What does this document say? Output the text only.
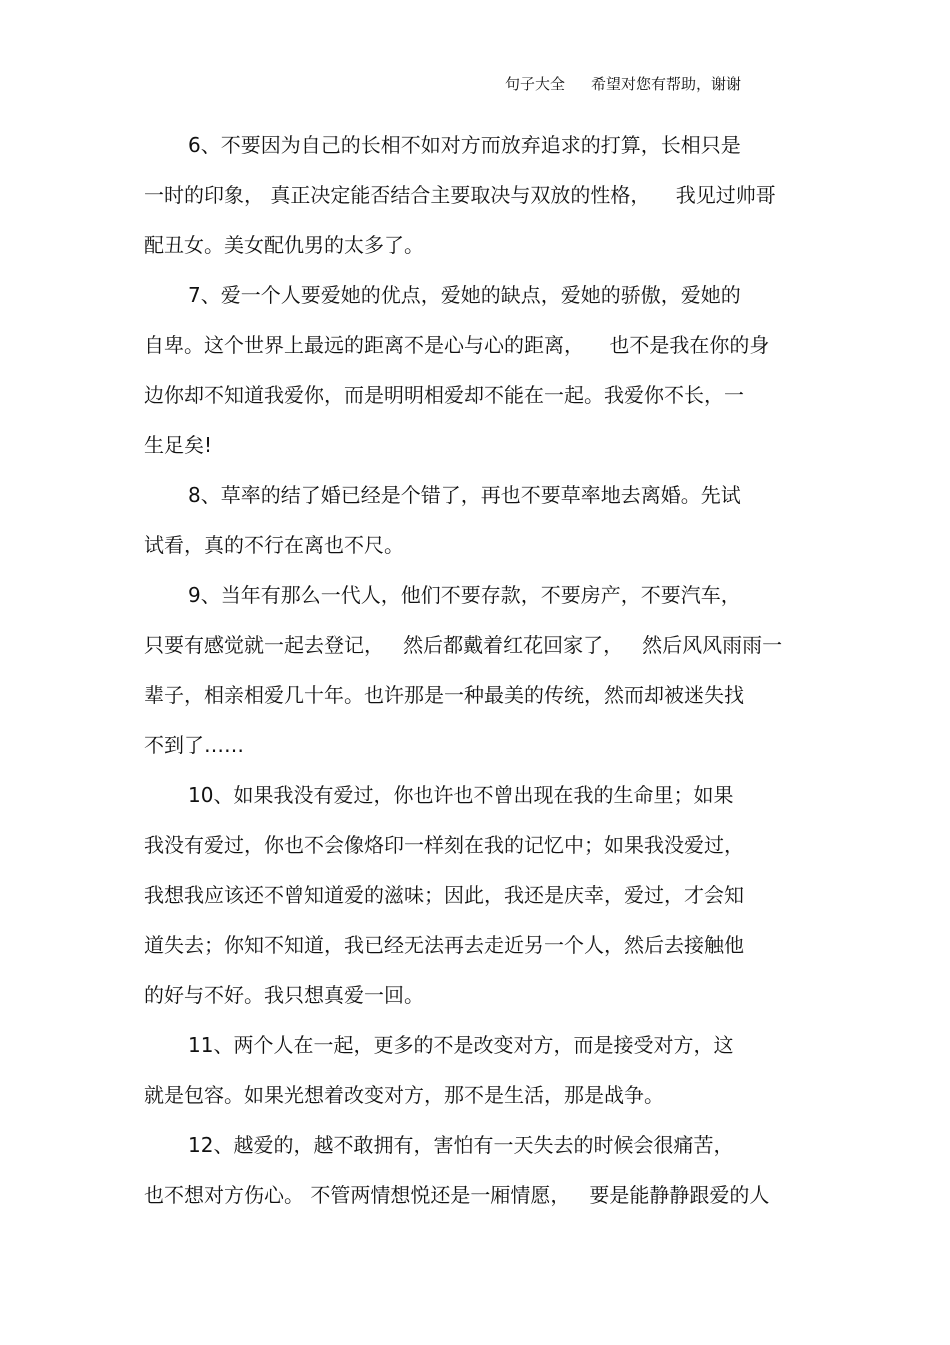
句子大全 希望对您有帮助，谢谢
6、不要因为自己的长相不如对方而放弃追求的打算，长相只是
一时的印象， 真正决定能否结合主要取决与双放的性格，    我见过帅哥
配丑女。美女配仇男的太多了。
7、爱一个人要爱她的优点，爱她的缺点，爱她的骄傲，爱她的
自卑。这个世界上最远的距离不是心与心的距离，    也不是我在你的身
边你却不知道我爱你，而是明明相爱却不能在一起。我爱你不长，一
生足矣!
8、草率的结了婚已经是个错了，再也不要草率地去离婚。先试
试看，真的不行在离也不尺。
9、当年有那么一代人，他们不要存款，不要房产，不要汽车，
只要有感觉就一起去登记，   然后都戴着红花回家了，   然后风风雨雨一
辈子，相亲相爱几十年。也许那是一种最美的传统，然而却被迷失找
不到了……
10、如果我没有爱过，你也许也不曾出现在我的生命里；如果
我没有爱过，你也不会像烙印一样刻在我的记忆中；如果我没爱过，
我想我应该还不曾知道爱的滋味；因此，我还是庆幸，爱过，才会知
道失去；你知不知道，我已经无法再去走近另一个人，然后去接触他
的好与不好。我只想真爱一回。
11、两个人在一起，更多的不是改变对方，而是接受对方，这
就是包容。如果光想着改变对方，那不是生活，那是战争。
12、越爱的，越不敢拥有，害怕有一天失去的时候会很痛苦，
也不想对方伤心。 不管两情想悦还是一厢情愿，   要是能静静跟爱的人
